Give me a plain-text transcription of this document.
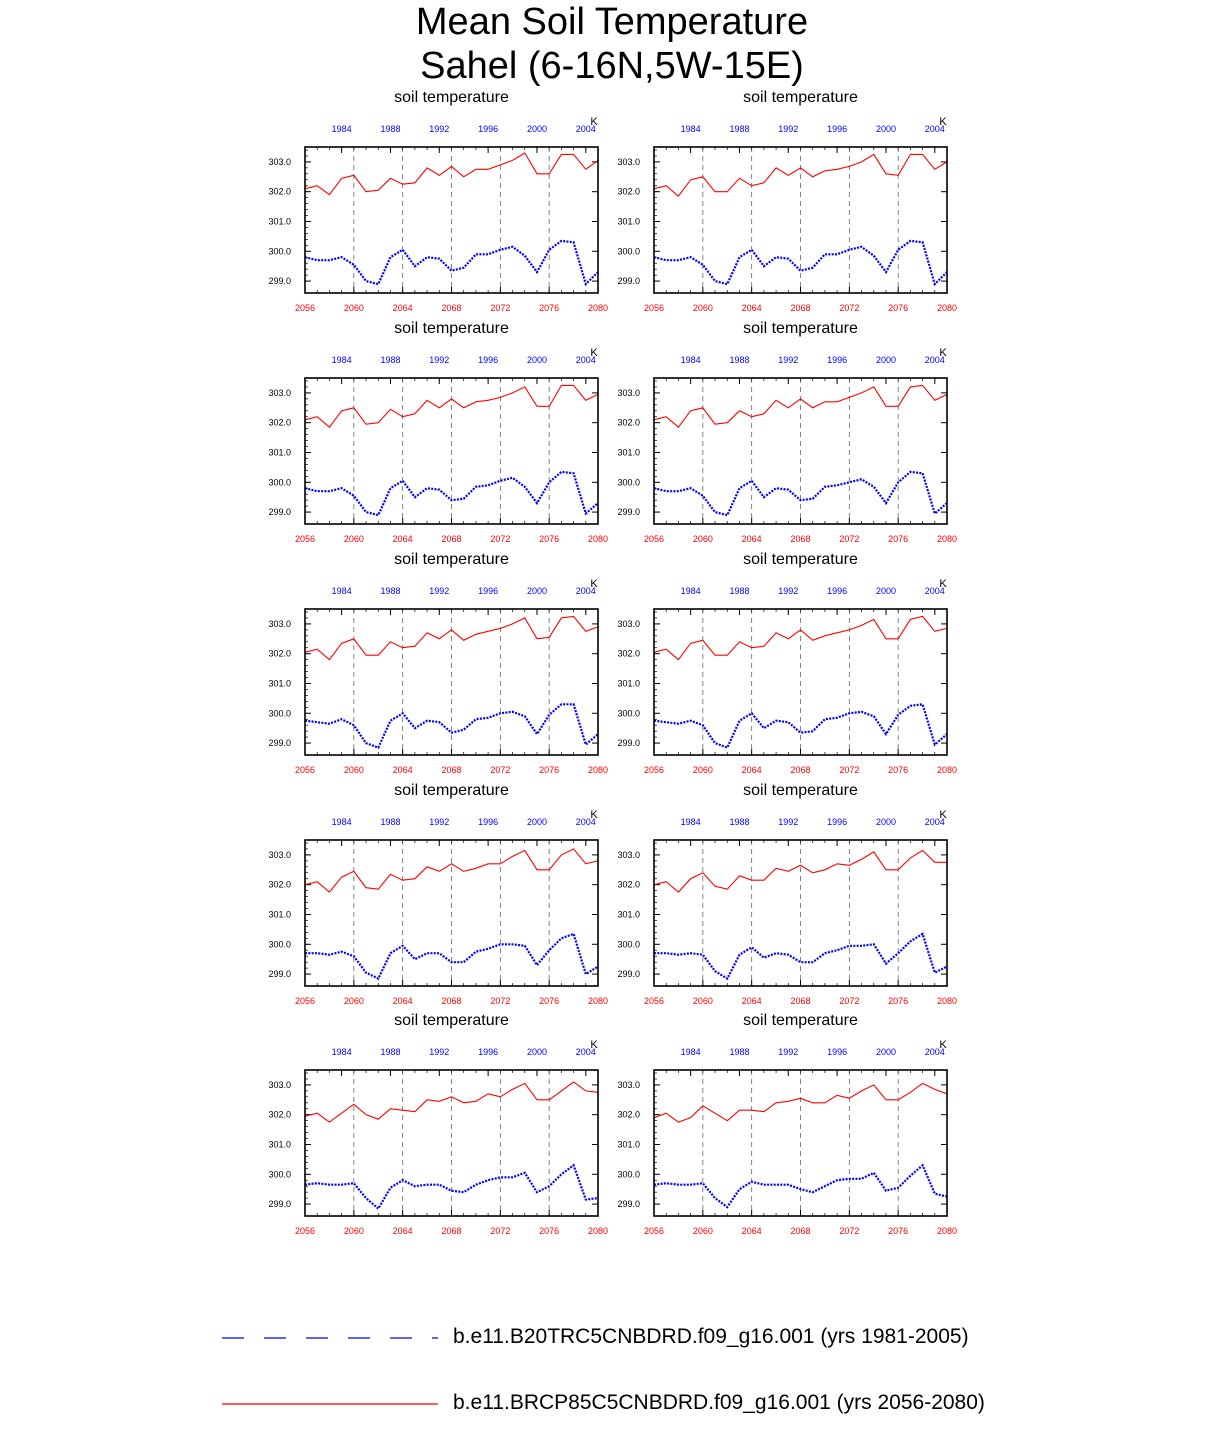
Mean Soil Temperature
Sahel (6-16N,5W-15E)
soil temperature
K
2056	2060	2064	2068	2072	2076	2080
1984	1988	1992	1996	2000	2004
303.0
302.0
301.0
300.0
299.0
soil temperature
K
2056	2060	2064	2068	2072	2076	2080
1984	1988	1992	1996	2000	2004
303.0
302.0
301.0
300.0
299.0
soil temperature
K
2056	2060	2064	2068	2072	2076	2080
1984	1988	1992	1996	2000	2004
303.0
302.0
301.0
300.0
299.0
soil temperature
K
2056	2060	2064	2068	2072	2076	2080
1984	1988	1992	1996	2000	2004
303.0
302.0
301.0
300.0
299.0
soil temperature
K
2056	2060	2064	2068	2072	2076	2080
1984	1988	1992	1996	2000	2004
303.0
302.0
301.0
300.0
299.0
soil temperature
K
2056	2060	2064	2068	2072	2076	2080
1984	1988	1992	1996	2000	2004
303.0
302.0
301.0
300.0
299.0
soil temperature
K
2056	2060	2064	2068	2072	2076	2080
1984	1988	1992	1996	2000	2004
303.0
302.0
301.0
300.0
299.0
soil temperature
K
2056	2060	2064	2068	2072	2076	2080
1984	1988	1992	1996	2000	2004
303.0
302.0
301.0
300.0
299.0
soil temperature
K
2056	2060	2064	2068	2072	2076	2080
1984	1988	1992	1996	2000	2004
303.0
302.0
301.0
300.0
299.0
soil temperature
K
2056	2060	2064	2068	2072	2076	2080
1984	1988	1992	1996	2000	2004
303.0
302.0
301.0
300.0
299.0
b.e11.B20TRC5CNBDRD.f09_g16.001 (yrs 1981-2005)
b.e11.BRCP85C5CNBDRD.f09_g16.001 (yrs 2056-2080)
